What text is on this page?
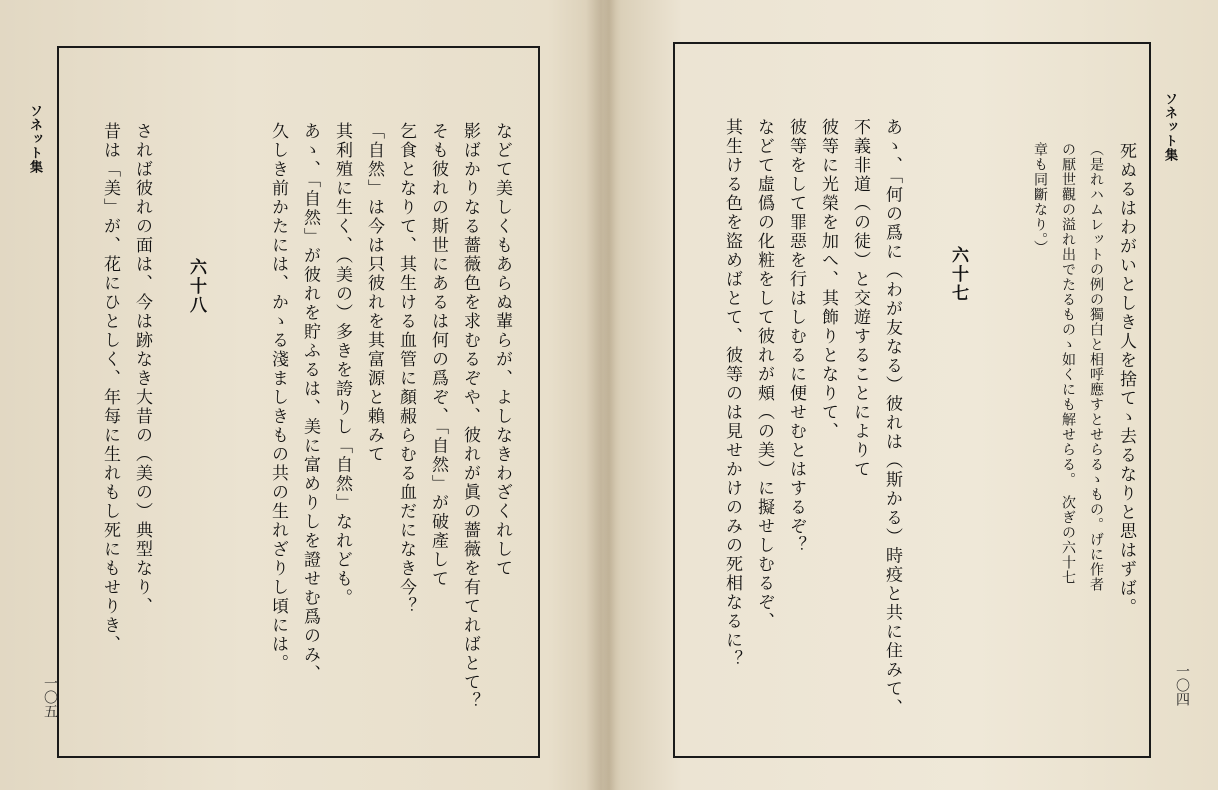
ソネット集
一〇五
などて美しくもあらぬ輩らが、よしなきわざくれして
影ばかりなる薔薇色を求むるぞや、彼れが眞の薔薇を有てればとて？
そも彼れの斯世にあるは何の爲ぞ、「自然」が破產して
乞食となりて、其生ける血管に顏赧らむる血だになき今？
「自然」は今は只彼れを其富源と賴みて
其利殖に生く、（美の）多きを誇りし「自然」なれども。
あゝ、「自然」が彼れを貯ふるは、美に富めりしを證せむ爲のみ、
久しき前かたには、かゝる淺ましきもの共の生れざりし頃には。
六十八
されば彼れの面は、今は跡なき大昔の（美の）典型なり、
昔は「美」が、花にひとしく、年每に生れもし死にもせりき、	ソネット集
一〇四
死ぬるはわがいとしき人を捨てゝ去るなりと思はずば。
（是れハムレットの例の獨白と相呼應すとせらるゝもの。げに作者
の厭世觀の溢れ出でたるものゝ如くにも解せらる。　次ぎの六十七
章も同斷なり。）
六十七
あゝ、「何の爲に（わが友なる）彼れは（斯かる）時疫と共に住みて、
不義非道（の徒）と交遊することによりて
彼等に光榮を加へ、其飾りとなりて、
彼等をして罪惡を行はしむるに便せむとはするぞ？
などて虛僞の化粧をして彼れが頰（の美）に擬せしむるぞ、
其生ける色を盜めばとて、彼等のは見せかけのみの死相なるに？
